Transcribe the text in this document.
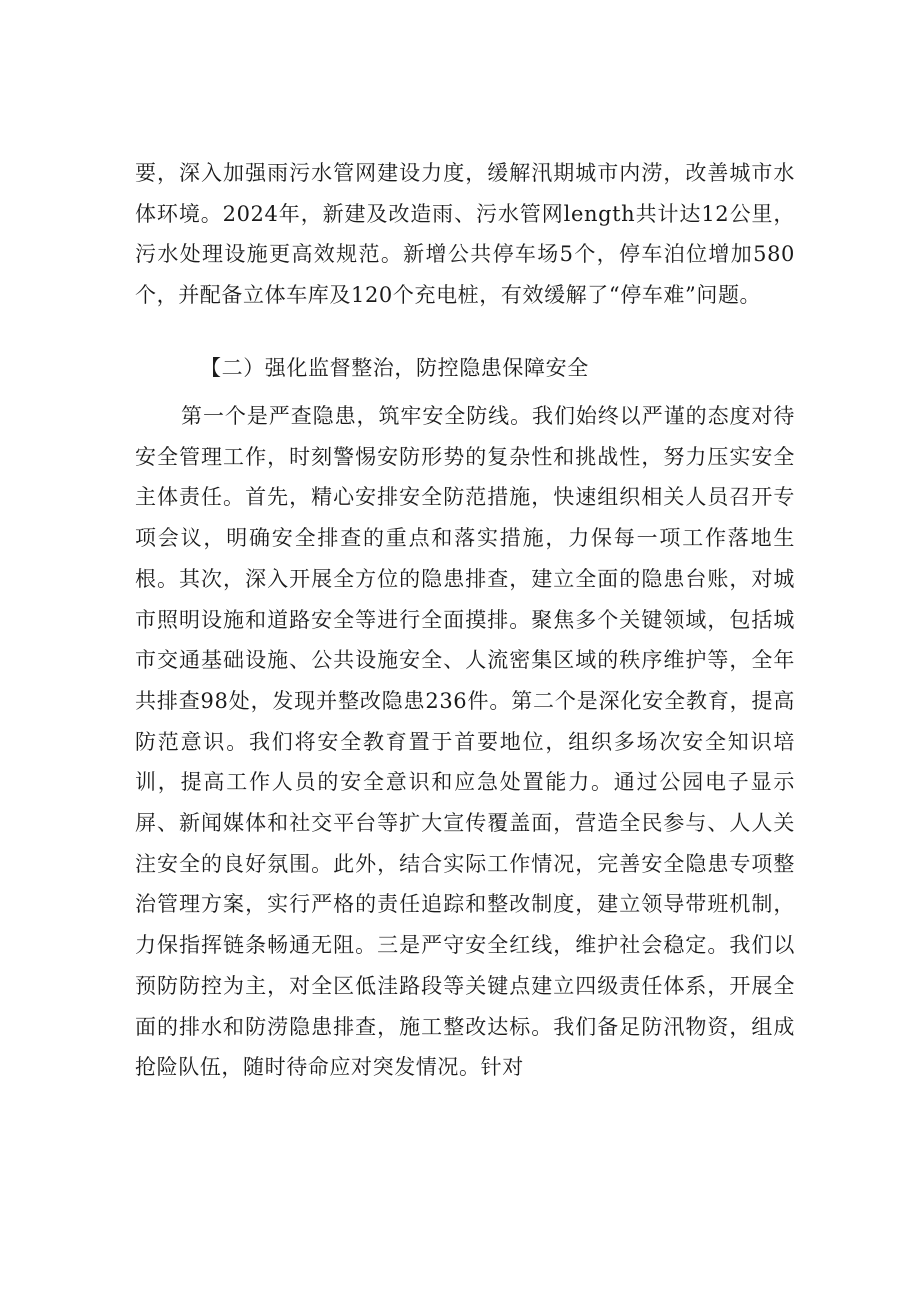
要，深入加强雨污水管网建设力度，缓解汛期城市内涝，改善城市水体环境。2024年，新建及改造雨、污水管网length共计达12公里，污水处理设施更高效规范。新增公共停车场5个，停车泊位增加580个，并配备立体车库及120个充电桩，有效缓解了“停车难”问题。

【二）强化监督整治，防控隐患保障安全

第一个是严查隐患，筑牢安全防线。我们始终以严谨的态度对待安全管理工作，时刻警惕安防形势的复杂性和挑战性，努力压实安全主体责任。首先，精心安排安全防范措施，快速组织相关人员召开专项会议，明确安全排查的重点和落实措施，力保每一项工作落地生根。其次，深入开展全方位的隐患排查，建立全面的隐患台账，对城市照明设施和道路安全等进行全面摸排。聚焦多个关键领域，包括城市交通基础设施、公共设施安全、人流密集区域的秩序维护等，全年共排查98处，发现并整改隐患236件。第二个是深化安全教育，提高防范意识。我们将安全教育置于首要地位，组织多场次安全知识培训，提高工作人员的安全意识和应急处置能力。通过公园电子显示屏、新闻媒体和社交平台等扩大宣传覆盖面，营造全民参与、人人关注安全的良好氛围。此外，结合实际工作情况，完善安全隐患专项整治管理方案，实行严格的责任追踪和整改制度，建立领导带班机制，力保指挥链条畅通无阻。三是严守安全红线，维护社会稳定。我们以预防防控为主，对全区低洼路段等关键点建立四级责任体系，开展全面的排水和防涝隐患排查，施工整改达标。我们备足防汛物资，组成抢险队伍，随时待命应对突发情况。针对
